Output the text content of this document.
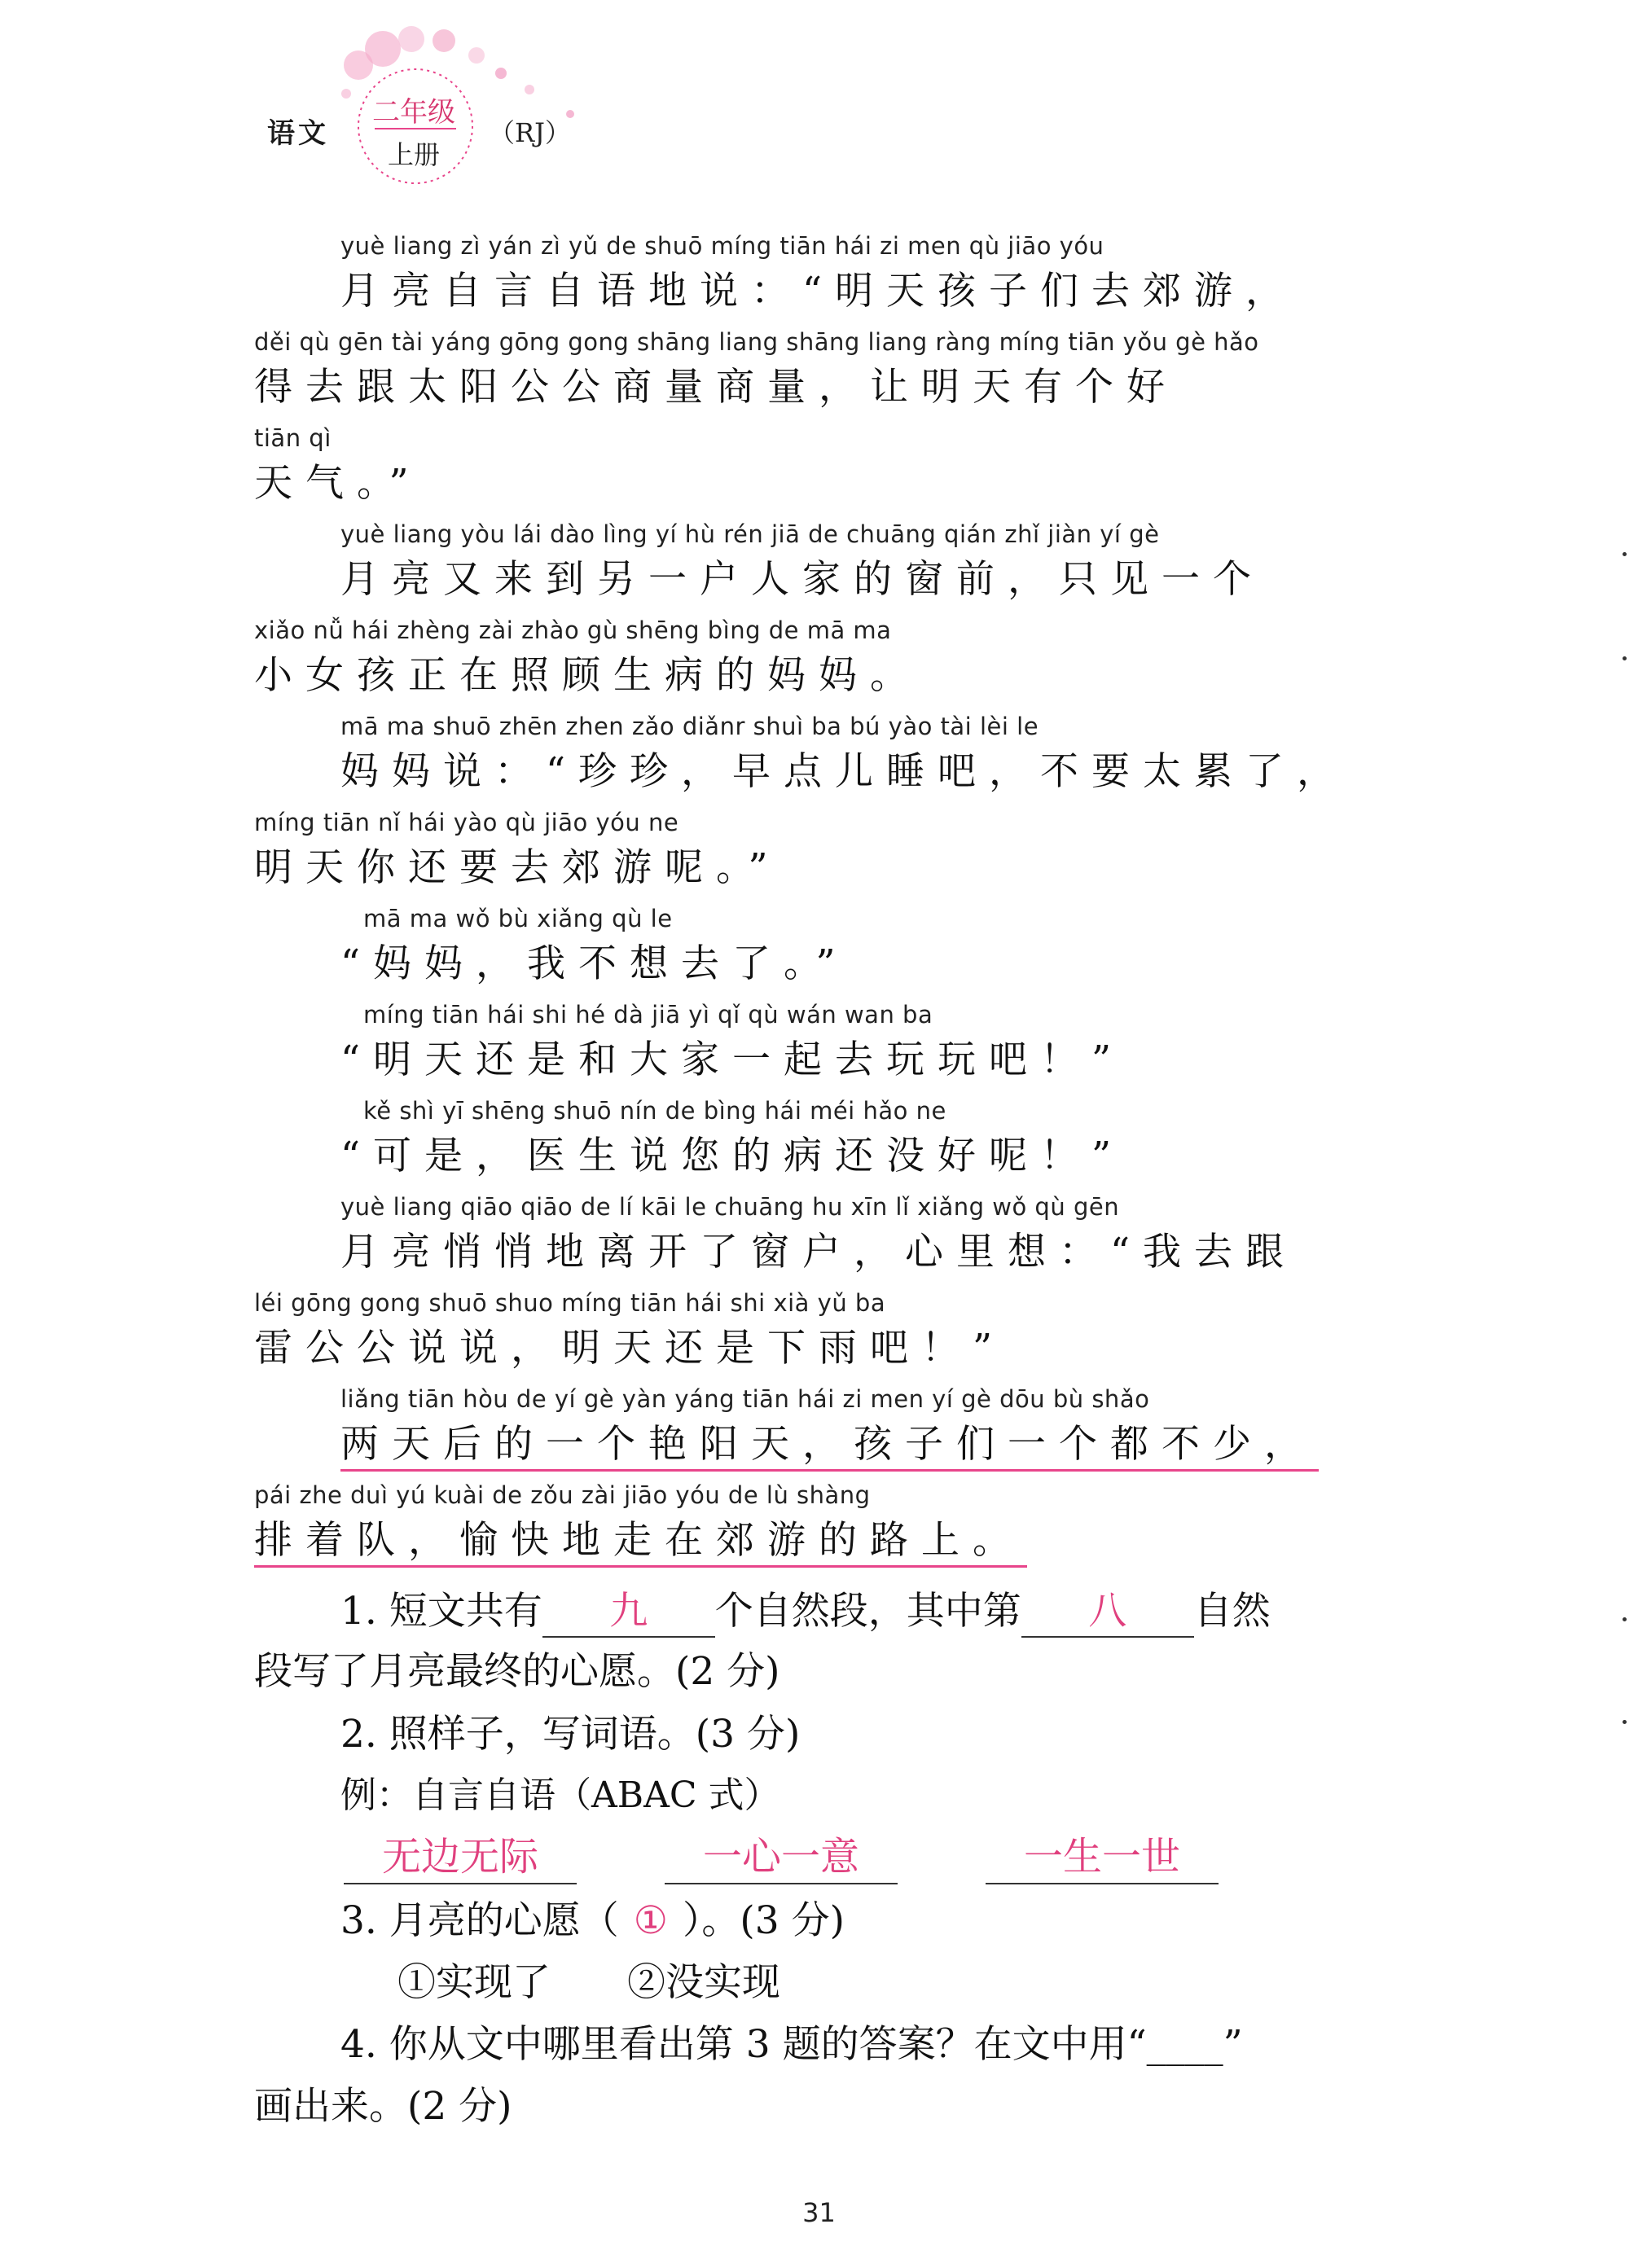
语文
二年级
上册
（RJ）
yuè liang zì yán zì yǔ de shuō míng tiān hái zi men qù jiāo yóu
月亮自言自语地说：“明天孩子们去郊游，
děi qù gēn tài yáng gōng gong shāng liang shāng liang ràng míng tiān yǒu gè hǎo
得去跟太阳公公商量商量，让明天有个好
tiān qì
天气。”
yuè liang yòu lái dào lìng yí hù rén jiā de chuāng qián zhǐ jiàn yí gè
月亮又来到另一户人家的窗前，只见一个
xiǎo nǚ hái zhèng zài zhào gù shēng bìng de mā ma
小女孩正在照顾生病的妈妈。
mā ma shuō zhēn zhen zǎo diǎnr shuì ba bú yào tài lèi le
妈妈说：“珍珍，早点儿睡吧，不要太累了，
míng tiān nǐ hái yào qù jiāo yóu ne
明天你还要去郊游呢。”
mā ma wǒ bù xiǎng qù le
“妈妈，我不想去了。”
míng tiān hái shi hé dà jiā yì qǐ qù wán wan ba
“明天还是和大家一起去玩玩吧！”
kě shì yī shēng shuō nín de bìng hái méi hǎo ne
“可是，医生说您的病还没好呢！”
yuè liang qiāo qiāo de lí kāi le chuāng hu xīn lǐ xiǎng wǒ qù gēn
月亮悄悄地离开了窗户，心里想：“我去跟
léi gōng gong shuō shuo míng tiān hái shi xià yǔ ba
雷公公说说，明天还是下雨吧！”
liǎng tiān hòu de yí gè yàn yáng tiān hái zi men yí gè dōu bù shǎo
两天后的一个艳阳天，孩子们一个都不少，
pái zhe duì yú kuài de zǒu zài jiāo yóu de lù shàng
排着队，愉快地走在郊游的路上。
1. 短文共有 九 个自然段，其中第 八 自然
段写了月亮最终的心愿。(2 分)
2. 照样子，写词语。(3 分)
例：自言自语（ABAC 式）
无边无际	一心一意	一生一世
3. 月亮的心愿（ ① ）。(3 分)
①实现了　　②没实现
4. 你从文中哪里看出第 3 题的答案？在文中用“____”
画出来。(2 分)
31
